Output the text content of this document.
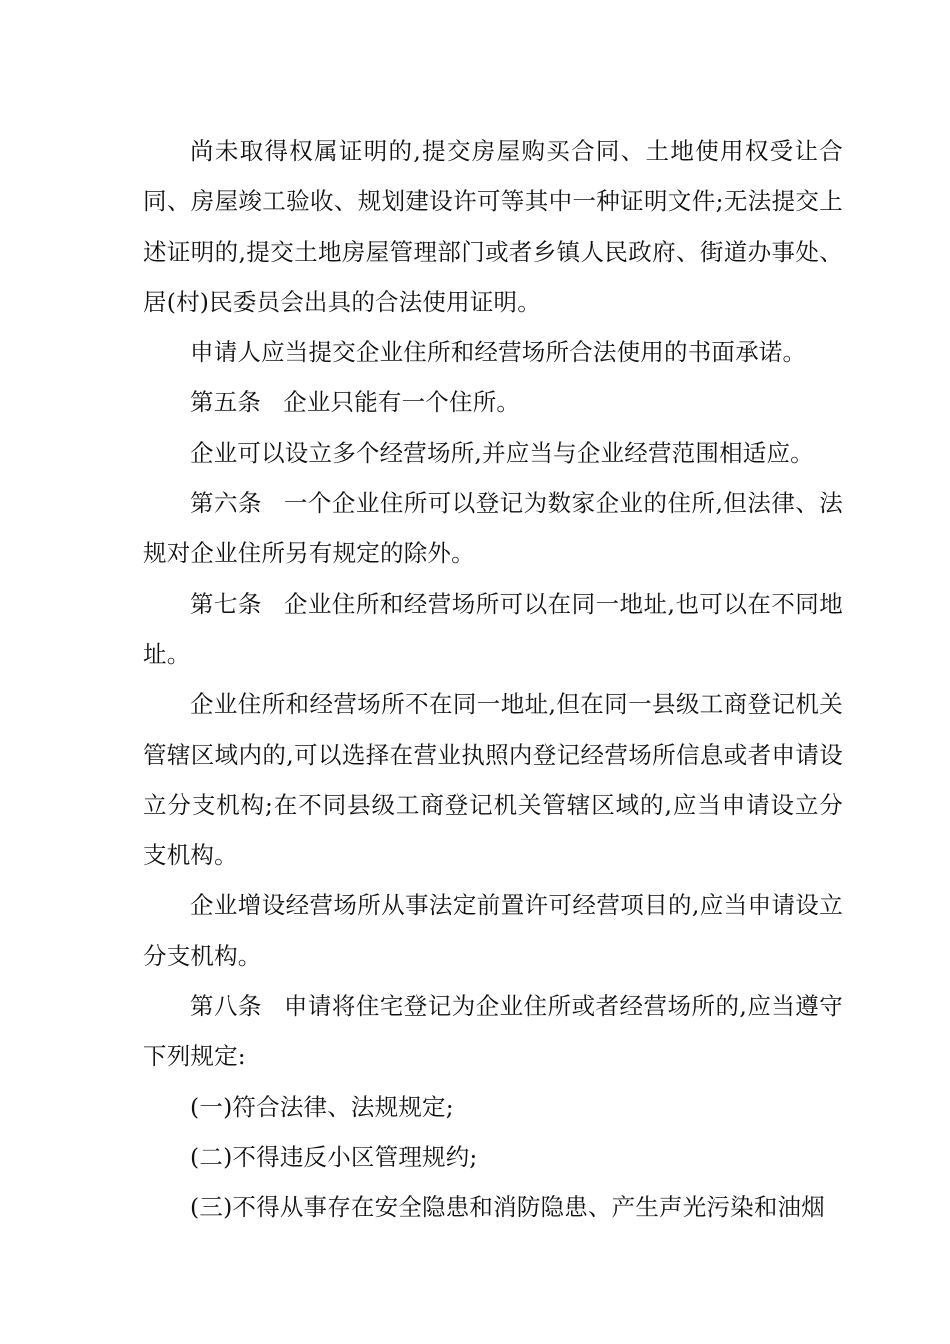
尚未取得权属证明的,提交房屋购买合同、土地使用权受让合同、房屋竣工验收、规划建设许可等其中一种证明文件;无法提交上述证明的,提交土地房屋管理部门或者乡镇人民政府、街道办事处、居(村)民委员会出具的合法使用证明。

申请人应当提交企业住所和经营场所合法使用的书面承诺。

第五条 企业只能有一个住所。

企业可以设立多个经营场所,并应当与企业经营范围相适应。

第六条 一个企业住所可以登记为数家企业的住所,但法律、法规对企业住所另有规定的除外。

第七条 企业住所和经营场所可以在同一地址,也可以在不同地址。

企业住所和经营场所不在同一地址,但在同一县级工商登记机关管辖区域内的,可以选择在营业执照内登记经营场所信息或者申请设立分支机构;在不同县级工商登记机关管辖区域的,应当申请设立分支机构。

企业增设经营场所从事法定前置许可经营项目的,应当申请设立分支机构。

第八条 申请将住宅登记为企业住所或者经营场所的,应当遵守下列规定:

(一)符合法律、法规规定;

(二)不得违反小区管理规约;

(三)不得从事存在安全隐患和消防隐患、产生声光污染和油烟
